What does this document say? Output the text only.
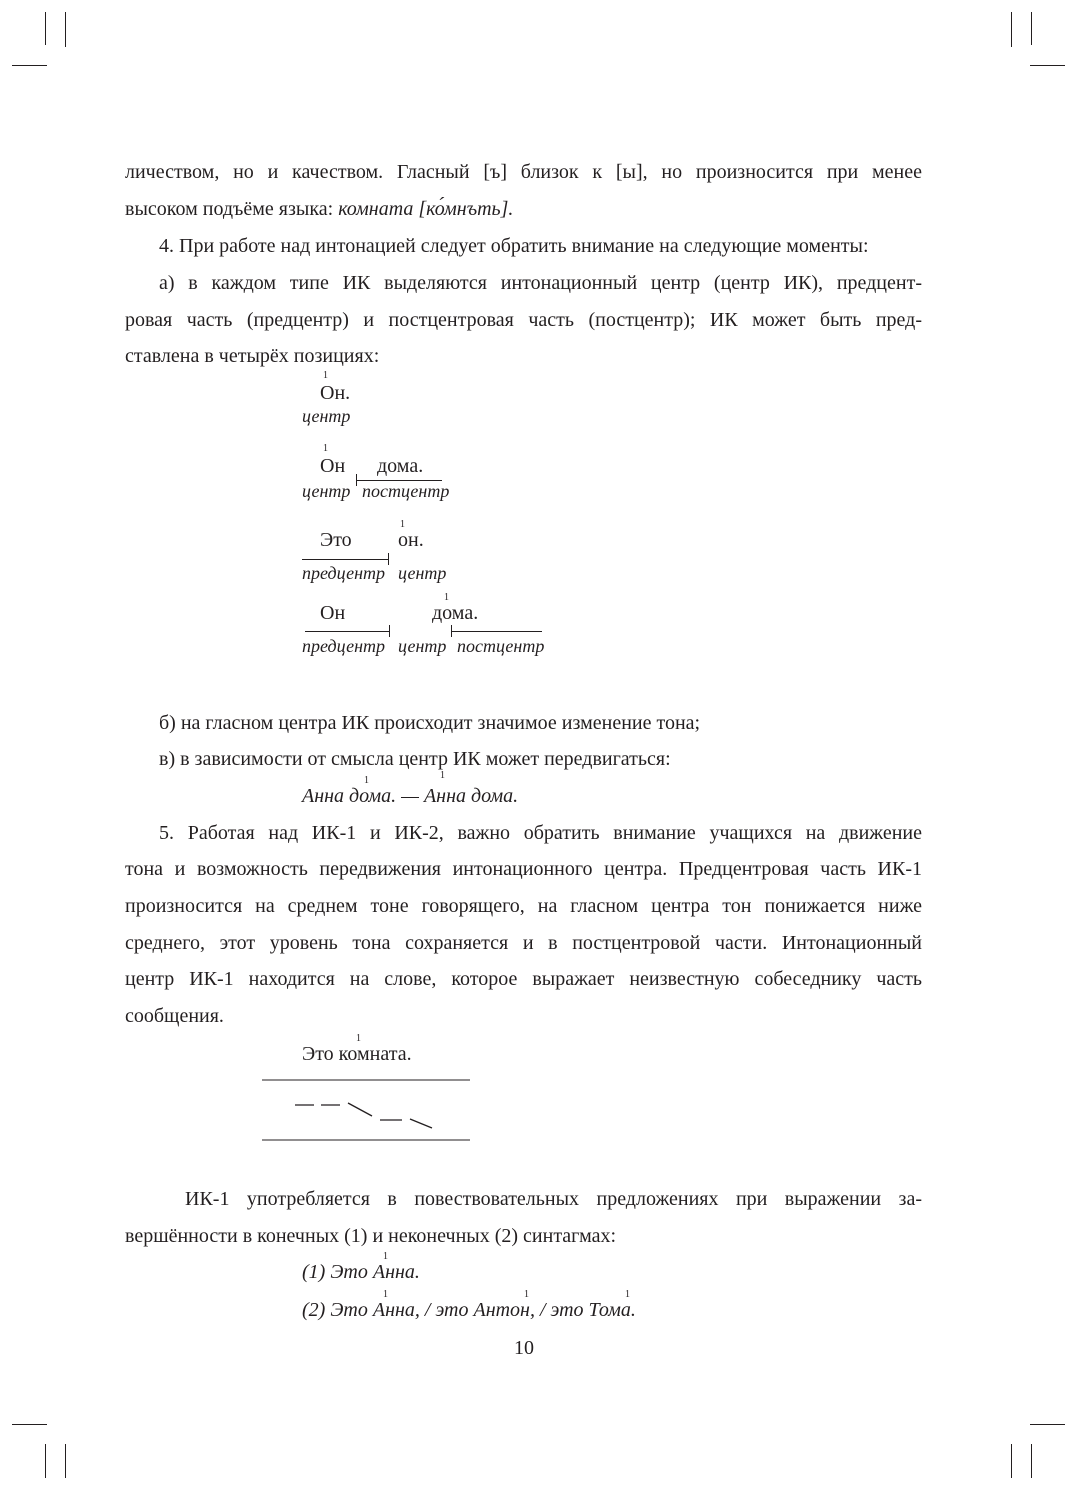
личеством, но и качеством. Гласный [ъ] близок к [ы], но произносится при менее
высоком подъёме языка: комната [ко́мнъть].
4. При работе над интонацией следует обратить внимание на следующие моменты:
а) в каждом типе ИК выделяются интонационный центр (центр ИК), предцент-
ровая часть (предцентр) и постцентровая часть (постцентр); ИК может быть пред-
ставлена в четырёх позициях:
1
Он.
центр
1
Он дома.
центр постцентр
1
Это он.
предцентр центр
1
Он	дома.
предцентр центр постцентр
б) на гласном центра ИК происходит значимое изменение тона;
в) в зависимости от смысла центр ИК может передвигаться:
Анна дома. — Анна дома.
1	1
5. Работая над ИК-1 и ИК-2, важно обратить внимание учащихся на движение
тона и возможность передвижения интонационного центра. Предцентровая часть ИК-1
произносится на среднем тоне говорящего, на гласном центра тон понижается ниже
среднего, этот уровень тона сохраняется и в постцентровой части. Интонационный
центр ИК-1 находится на слове, которое выражает неизвестную собеседнику часть
сообщения.
1
Это комната.
ИК-1 употребляется в повествовательных предложениях при выражении за-
вершённости в конечных (1) и неконечных (2) синтагмах:
1
(1) Это Анна.
1	1	1
(2) Это Анна, / это Антон, / это Тома.
10
